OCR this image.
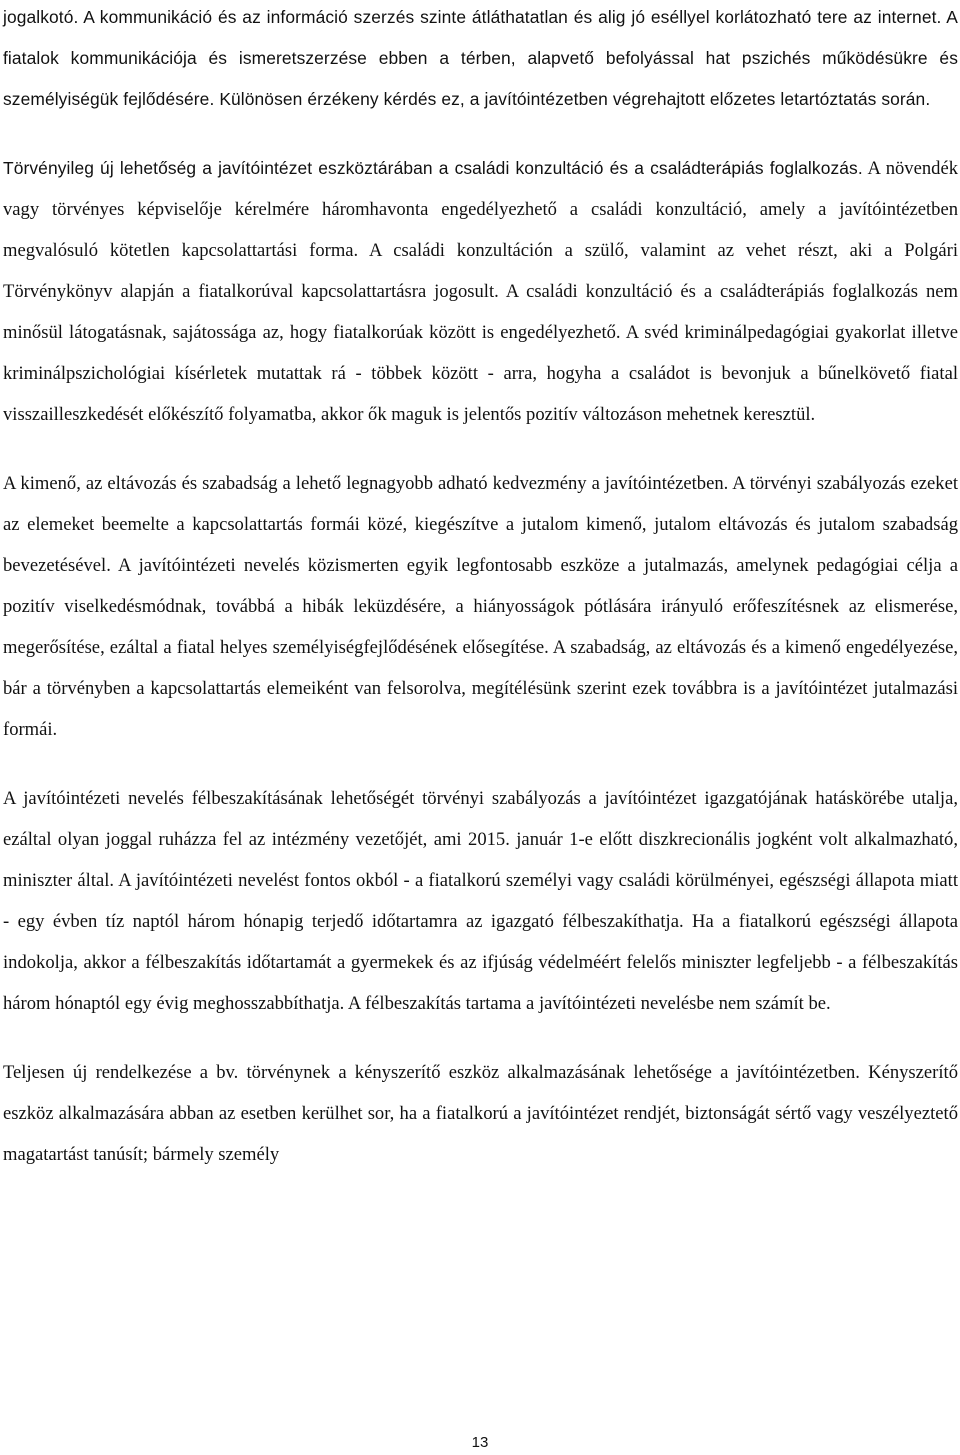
jogalkotó. A kommunikáció és az információ szerzés szinte átláthatatlan és alig jó eséllyel korlátozható tere az internet. A fiatalok kommunikációja és ismeretszerzése ebben a térben, alapvető befolyással hat pszichés működésükre és személyiségük fejlődésére. Különösen érzékeny kérdés ez, a javítóintézetben végrehajtott előzetes letartóztatás során.

Törvényileg új lehetőség a javítóintézet eszköztárában a családi konzultáció és a családterápiás foglalkozás. A növendék vagy törvényes képviselője kérelmére háromhavonta engedélyezhető a családi konzultáció, amely a javítóintézetben megvalósuló kötetlen kapcsolattartási forma. A családi konzultáción a szülő, valamint az vehet részt, aki a Polgári Törvénykönyv alapján a fiatalkorúval kapcsolattartásra jogosult. A családi konzultáció és a családterápiás foglalkozás nem minősül látogatásnak, sajátossága az, hogy fiatalkorúak között is engedélyezhető. A svéd kriminálpedagógiai gyakorlat illetve kriminálpszichológiai kísérletek mutattak rá - többek között - arra, hogyha a családot is bevonjuk a bűnelkövető fiatal visszailleszkedését előkészítő folyamatba, akkor ők maguk is jelentős pozitív változáson mehetnek keresztül.

A kimenő, az eltávozás és szabadság a lehető legnagyobb adható kedvezmény a javítóintézetben. A törvényi szabályozás ezeket az elemeket beemelte a kapcsolattartás formái közé, kiegészítve a jutalom kimenő, jutalom eltávozás és jutalom szabadság bevezetésével. A javítóintézeti nevelés közismerten egyik legfontosabb eszköze a jutalmazás, amelynek pedagógiai célja a pozitív viselkedésmódnak, továbbá a hibák leküzdésére, a hiányosságok pótlására irányuló erőfeszítésnek az elismerése, megerősítése, ezáltal a fiatal helyes személyiségfejlődésének elősegítése. A szabadság, az eltávozás és a kimenő engedélyezése, bár a törvényben a kapcsolattartás elemeiként van felsorolva, megítélésünk szerint ezek továbbra is a javítóintézet jutalmazási formái.

A javítóintézeti nevelés félbeszakításának lehetőségét törvényi szabályozás a javítóintézet igazgatójának hatáskörébe utalja, ezáltal olyan joggal ruházza fel az intézmény vezetőjét, ami 2015. január 1-e előtt diszkrecionális jogként volt alkalmazható, miniszter által. A javítóintézeti nevelést fontos okból - a fiatalkorú személyi vagy családi körülményei, egészségi állapota miatt - egy évben tíz naptól három hónapig terjedő időtartamra az igazgató félbeszakíthatja. Ha a fiatalkorú egészségi állapota indokolja, akkor a félbeszakítás időtartamát a gyermekek és az ifjúság védelméért felelős miniszter legfeljebb - a félbeszakítás három hónaptól egy évig meghosszabbíthatja. A félbeszakítás tartama a javítóintézeti nevelésbe nem számít be.

Teljesen új rendelkezése a bv. törvénynek a kényszerítő eszköz alkalmazásának lehetősége a javítóintézetben. Kényszerítő eszköz alkalmazására abban az esetben kerülhet sor, ha a fiatalkorú a javítóintézet rendjét, biztonságát sértő vagy veszélyeztető magatartást tanúsít; bármely személy

13
